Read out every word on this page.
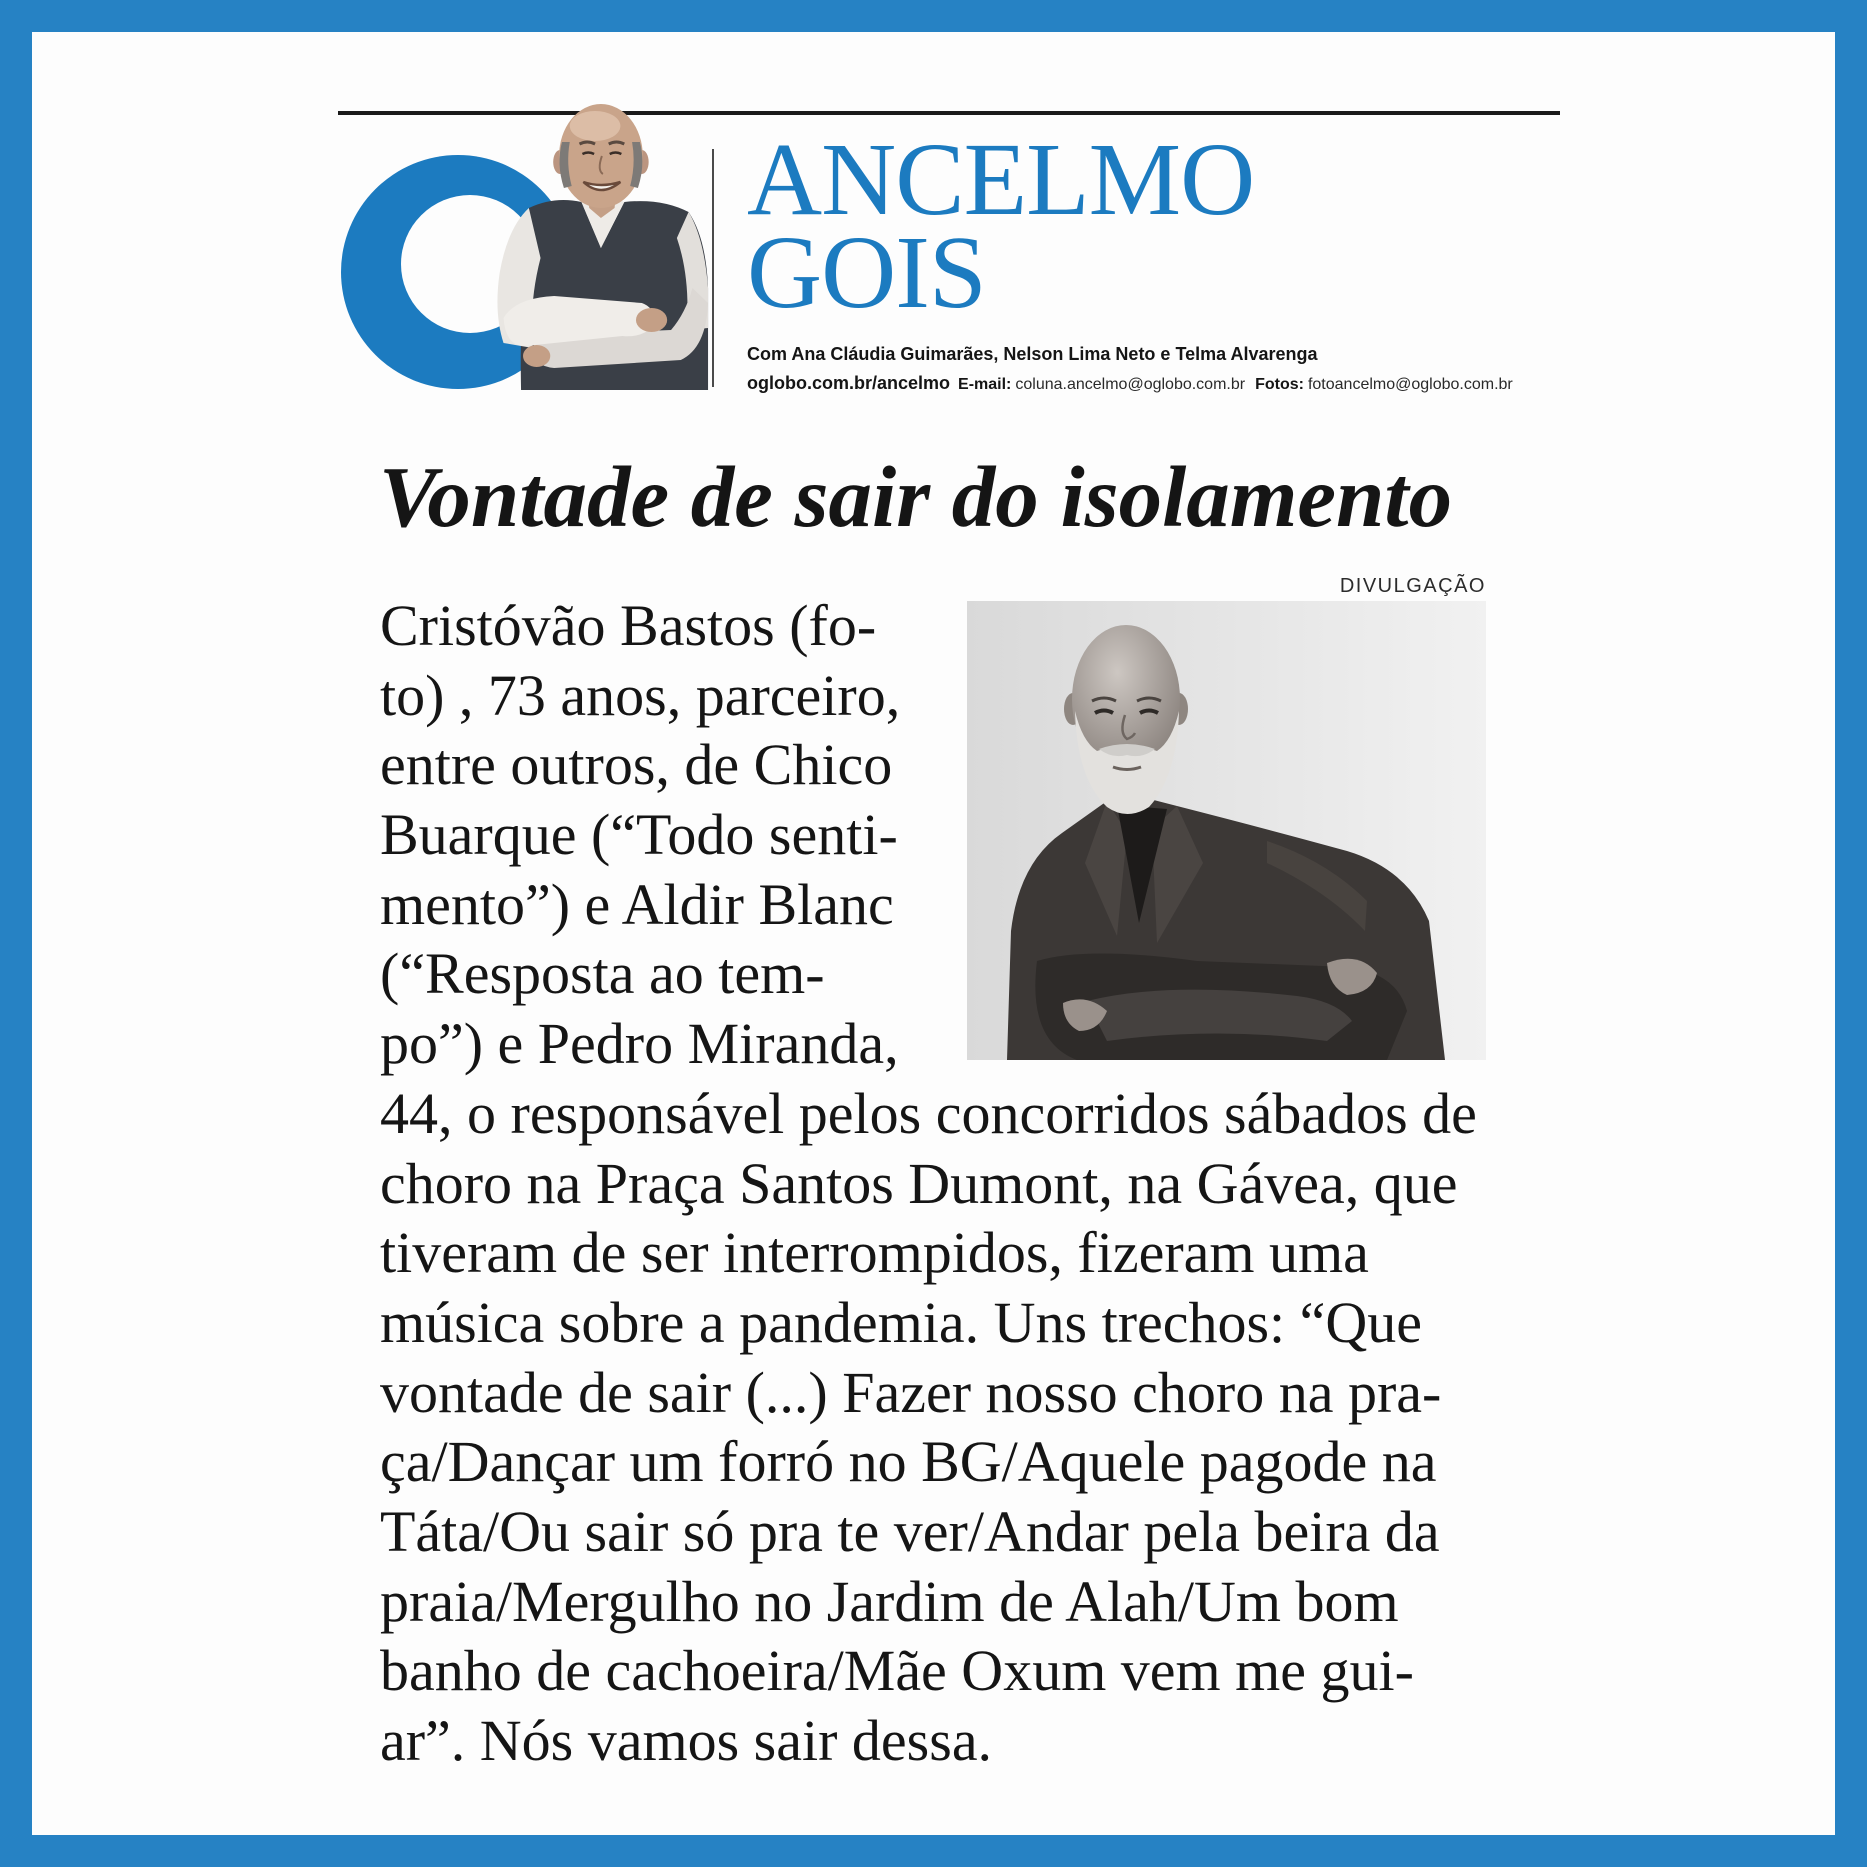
ANCELMO
GOIS
Com Ana Cláudia Guimarães, Nelson Lima Neto e Telma Alvarenga
oglobo.com.br/ancelmo E-mail: coluna.ancelmo@oglobo.com.br Fotos: fotoancelmo@oglobo.com.br
Vontade de sair do isolamento
DIVULGAÇÃO
Cristóvão Bastos (fo-
to) , 73 anos, parceiro,
entre outros, de Chico
Buarque (“Todo senti-
mento”) e Aldir Blanc
(“Resposta ao tem-
po”) e Pedro Miranda,
44, o responsável pelos concorridos sábados de
choro na Praça Santos Dumont, na Gávea, que
tiveram de ser interrompidos, fizeram uma
música sobre a pandemia. Uns trechos: “Que
vontade de sair (...) Fazer nosso choro na pra-
ça/Dançar um forró no BG/Aquele pagode na
Táta/Ou sair só pra te ver/Andar pela beira da
praia/Mergulho no Jardim de Alah/Um bom
banho de cachoeira/Mãe Oxum vem me gui-
ar”. Nós vamos sair dessa.
